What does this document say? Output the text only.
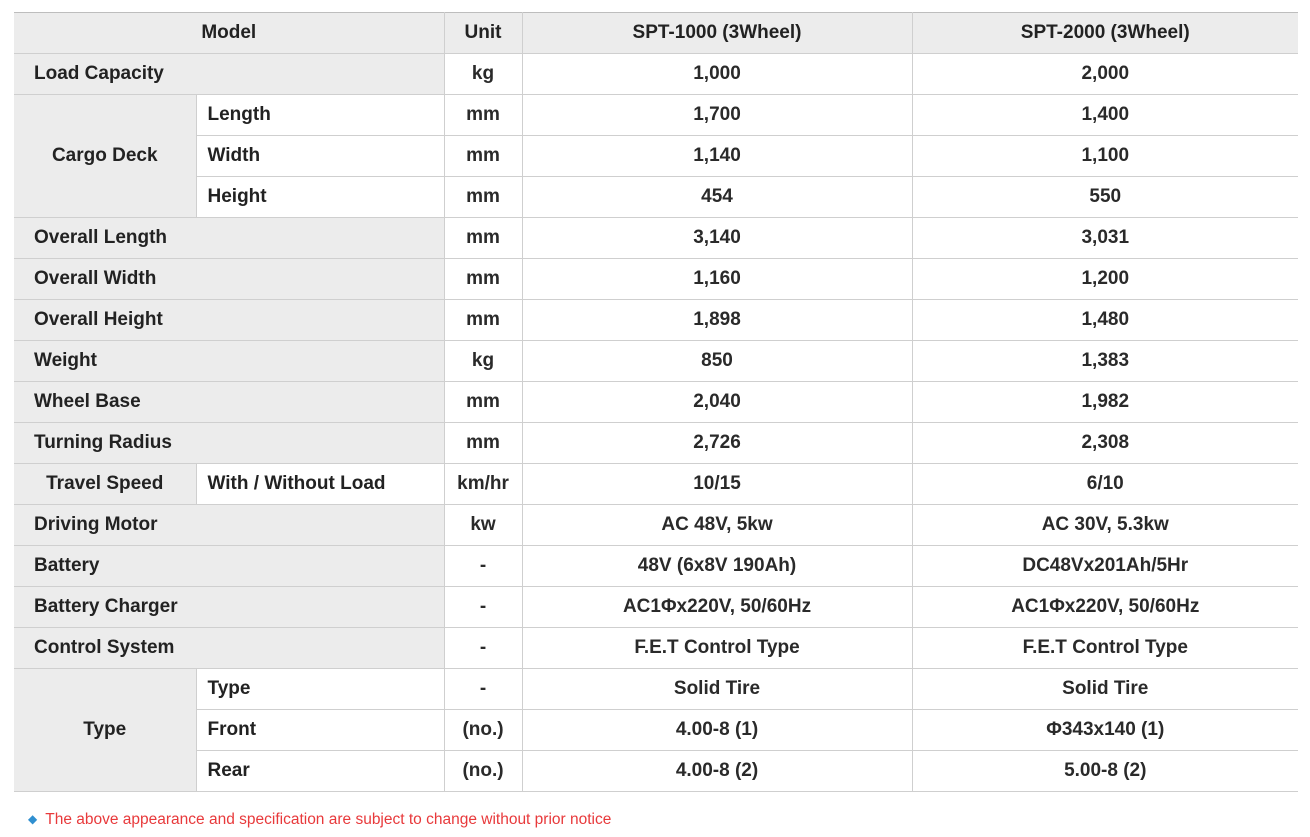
Model		Unit	SPT-1000 (3Wheel)	SPT-2000 (3Wheel)
Load Capacity		kg	1,000	2,000
Cargo Deck	Length	mm	1,700	1,400
	Width	mm	1,140	1,100
	Height	mm	454	550
Overall Length		mm	3,140	3,031
Overall Width		mm	1,160	1,200
Overall Height		mm	1,898	1,480
Weight		kg	850	1,383
Wheel Base		mm	2,040	1,982
Turning Radius		mm	2,726	2,308
Travel Speed	With / Without Load	km/hr	10/15	6/10
Driving Motor		kw	AC 48V, 5kw	AC 30V, 5.3kw
Battery		-	48V (6x8V 190Ah)	DC48Vx201Ah/5Hr
Battery Charger		-	AC1Φx220V, 50/60Hz	AC1Φx220V, 50/60Hz
Control System		-	F.E.T Control Type	F.E.T Control Type
Type	Type	-	Solid Tire	Solid Tire
	Front	(no.)	4.00-8 (1)	Φ343x140 (1)
	Rear	(no.)	4.00-8 (2)	5.00-8 (2)
◆ The above appearance and specification are subject to change without prior notice
